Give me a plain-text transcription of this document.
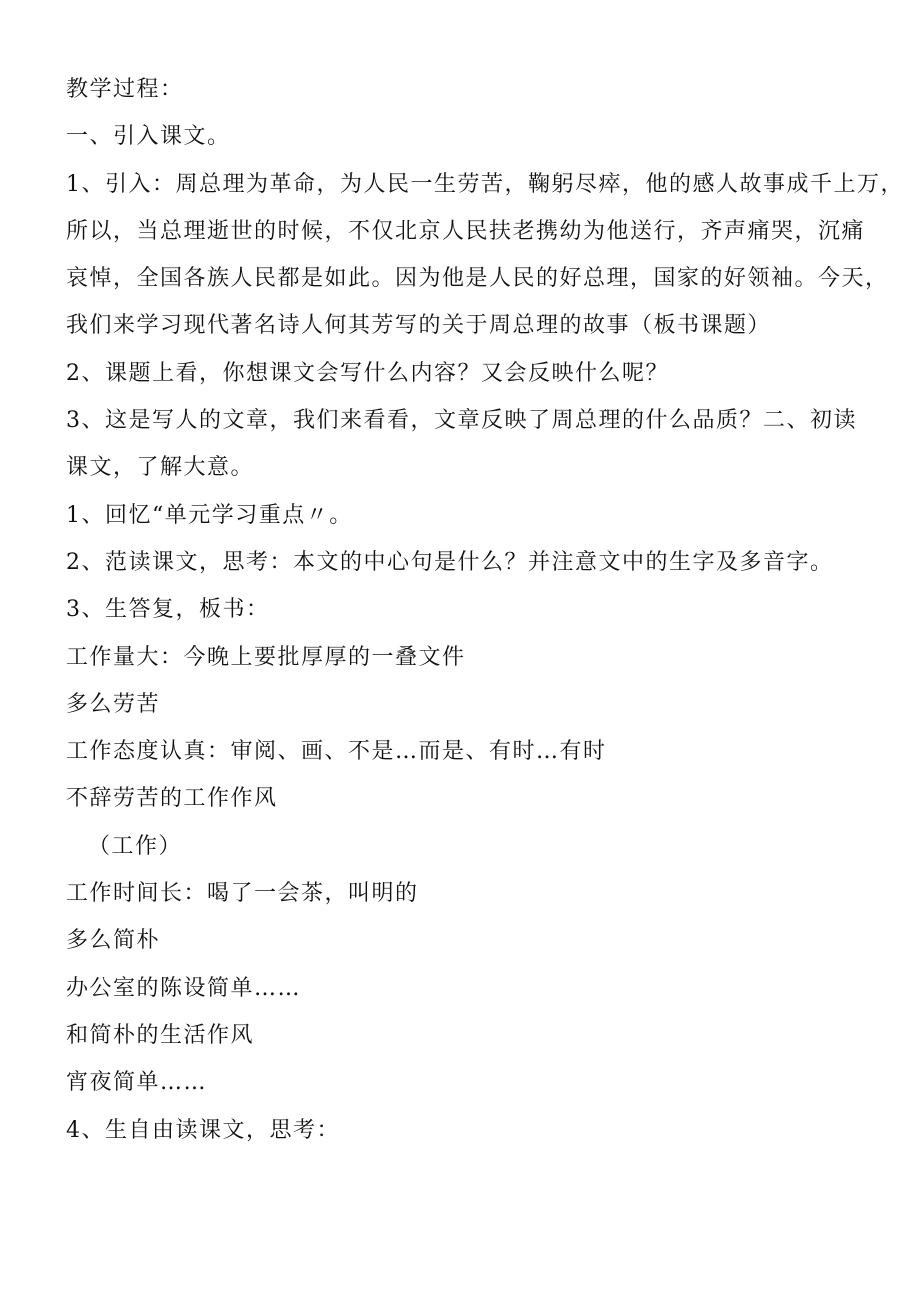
教学过程：
一、引入课文。
1、引入：周总理为革命，为人民一生劳苦，鞠躬尽瘁，他的感人故事成千上万，
所以，当总理逝世的时候，不仅北京人民扶老携幼为他送行，齐声痛哭，沉痛
哀悼，全国各族人民都是如此。因为他是人民的好总理，国家的好领袖。今天，
我们来学习现代著名诗人何其芳写的关于周总理的故事（板书课题）
2、课题上看，你想课文会写什么内容？又会反映什么呢？
3、这是写人的文章，我们来看看，文章反映了周总理的什么品质？二、初读
课文，了解大意。
1、回忆“单元学习重点〃。
2、范读课文，思考：本文的中心句是什么？并注意文中的生字及多音字。
3、生答复，板书：
工作量大：今晚上要批厚厚的一叠文件
多么劳苦
工作态度认真：审阅、画、不是…而是、有时…有时
不辞劳苦的工作作风
（工作）
工作时间长：喝了一会茶，叫明的
多么简朴
办公室的陈设简单……
和简朴的生活作风
宵夜简单……
4、生自由读课文，思考：
